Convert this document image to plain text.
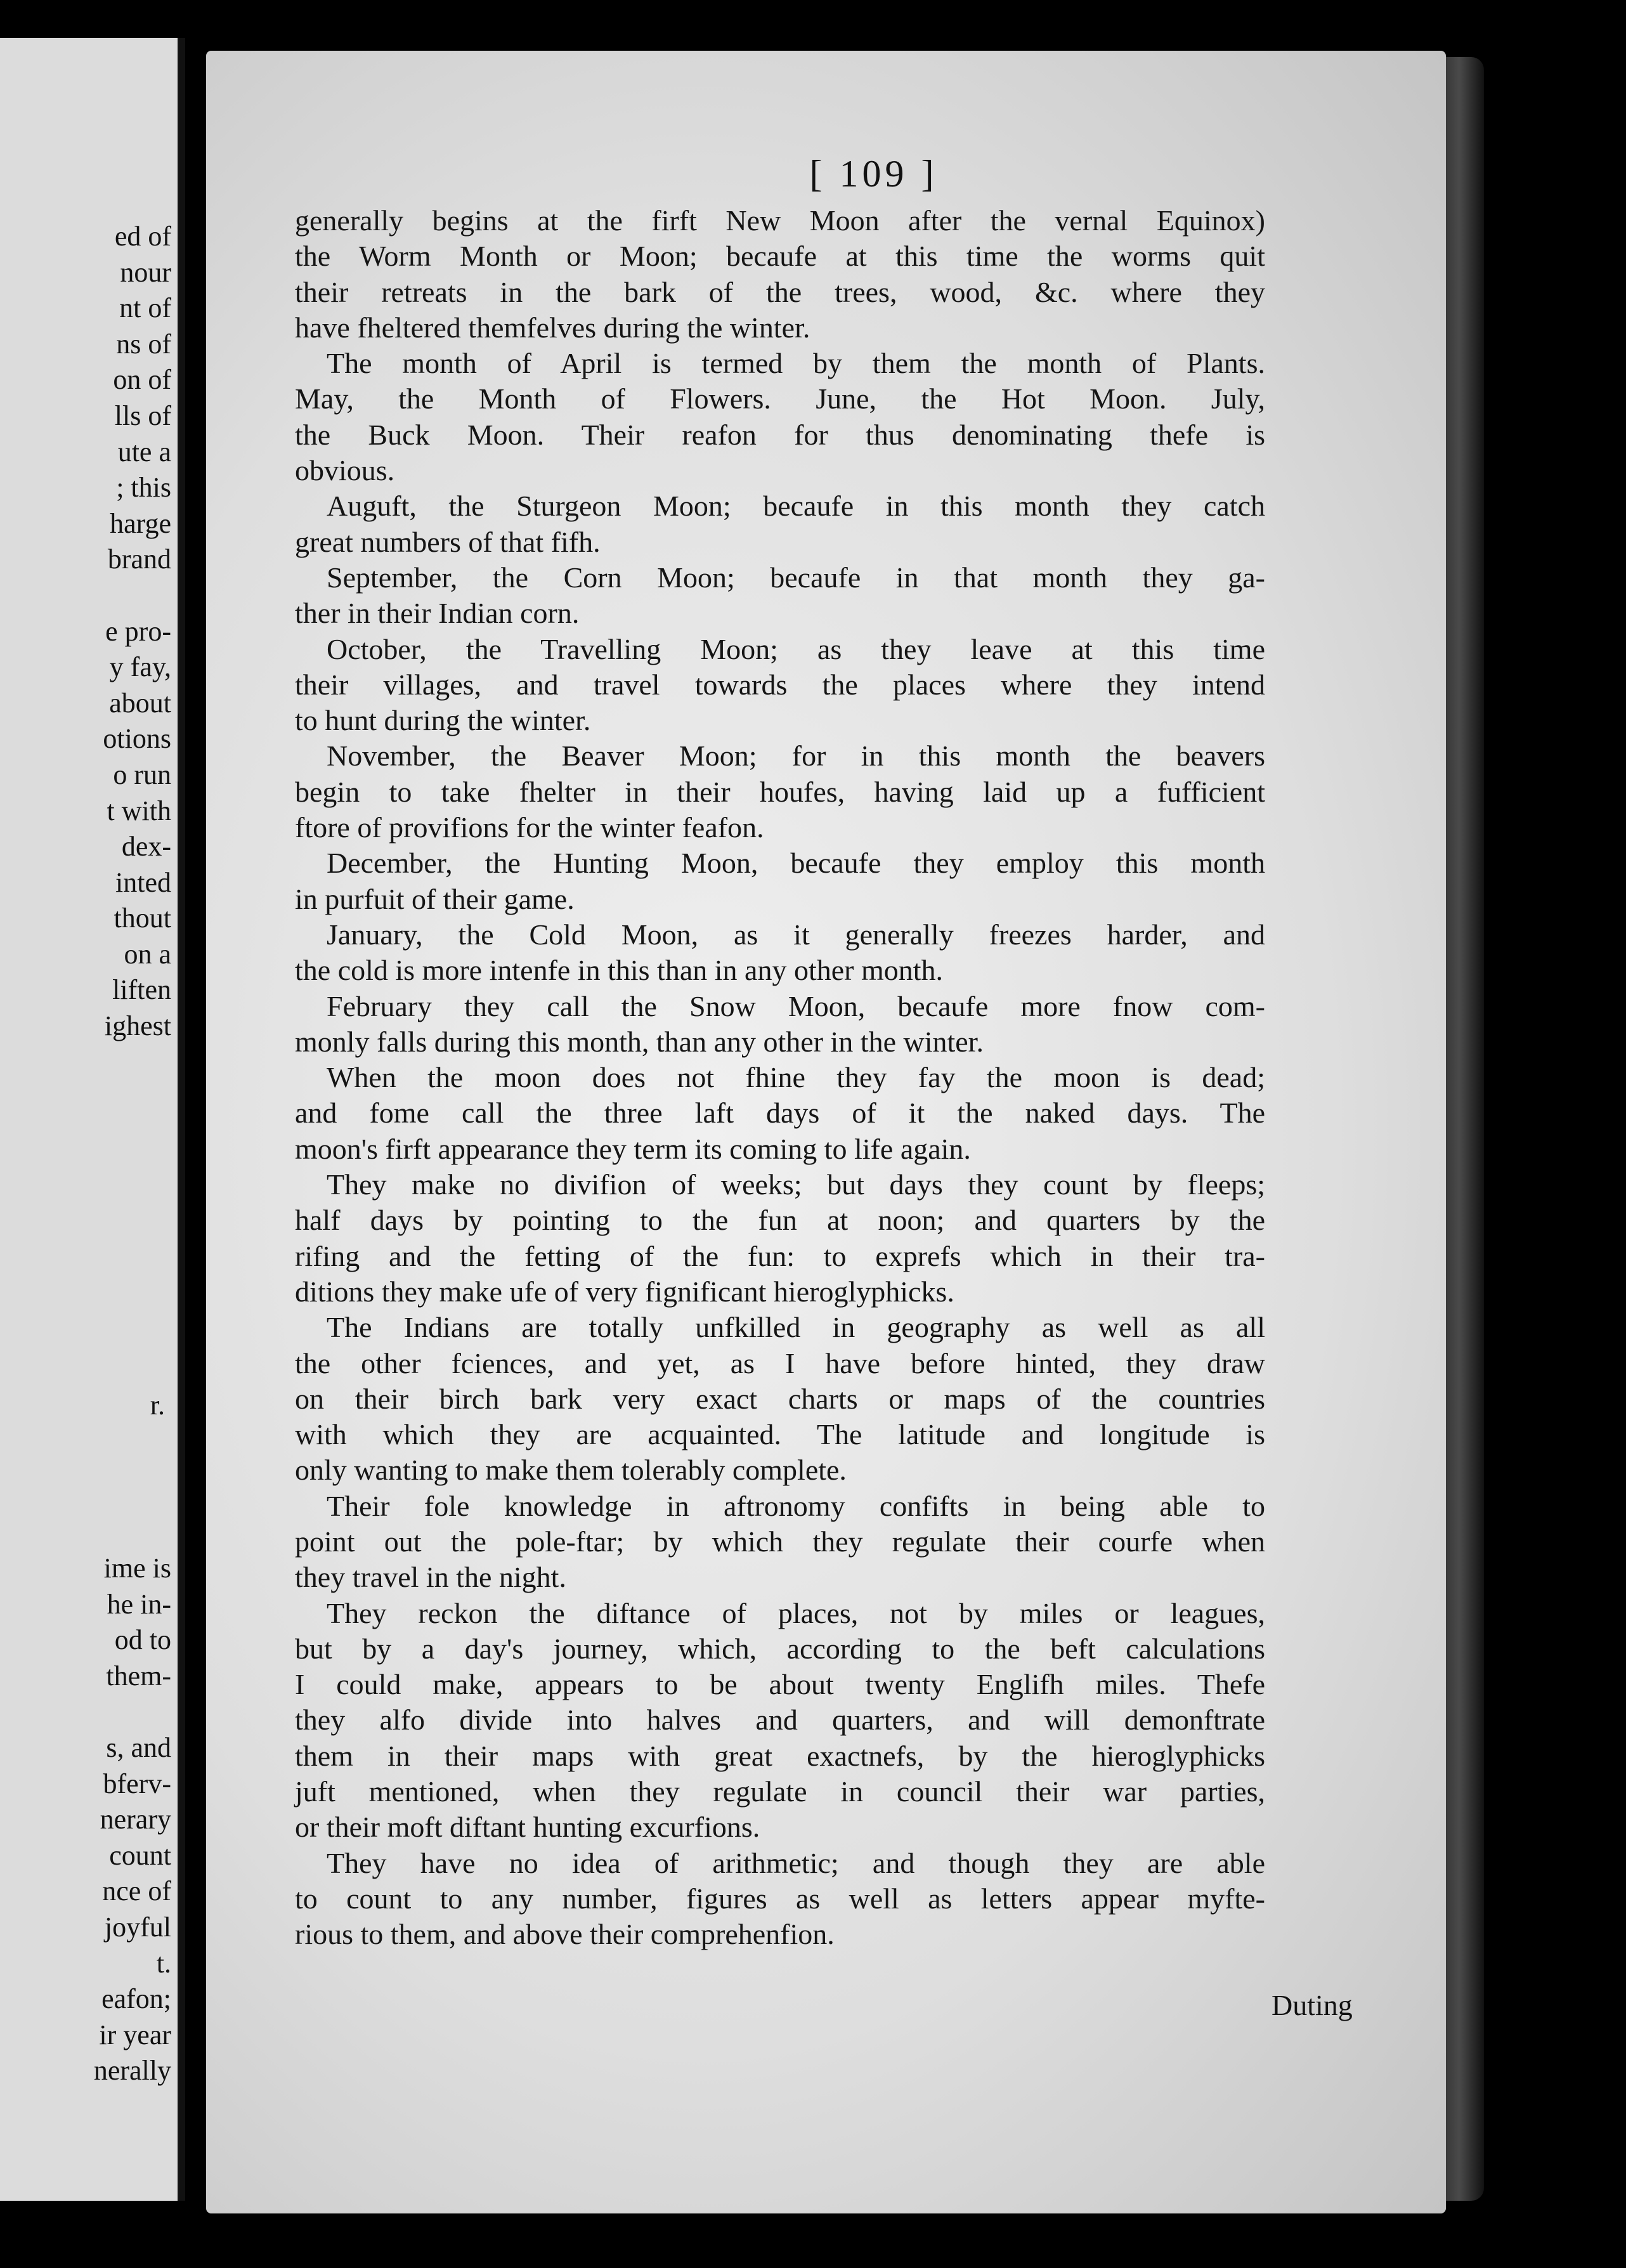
ed of
nour
nt of
ns of
on of
lls of
ute a
; this
harge
brand

e pro-
y fay,
about
otions
o run
t with
dex-
inted
thout
on a
liften
ighest
r.
ime is
he in-
od to
them-

s, and
bferv-
nerary
count
nce of
joyful
t.
eafon;
ir year
nerally
[ 109 ]
generally begins at the firft New Moon after the vernal Equinox)
the Worm Month or Moon; becaufe at this time the worms quit
their retreats in the bark of the trees, wood, &c. where they
have fheltered themfelves during the winter.
The month of April is termed by them the month of Plants.
May, the Month of Flowers. June, the Hot Moon. July,
the Buck Moon. Their reafon for thus denominating thefe is
obvious.
Auguft, the Sturgeon Moon; becaufe in this month they catch
great numbers of that fifh.
September, the Corn Moon; becaufe in that month they ga-
ther in their Indian corn.
October, the Travelling Moon; as they leave at this time
their villages, and travel towards the places where they intend
to hunt during the winter.
November, the Beaver Moon; for in this month the beavers
begin to take fhelter in their houfes, having laid up a fufficient
ftore of provifions for the winter feafon.
December, the Hunting Moon, becaufe they employ this month
in purfuit of their game.
January, the Cold Moon, as it generally freezes harder, and
the cold is more intenfe in this than in any other month.
February they call the Snow Moon, becaufe more fnow com-
monly falls during this month, than any other in the winter.
When the moon does not fhine they fay the moon is dead;
and fome call the three laft days of it the naked days. The
moon's firft appearance they term its coming to life again.
They make no divifion of weeks; but days they count by fleeps;
half days by pointing to the fun at noon; and quarters by the
rifing and the fetting of the fun: to exprefs which in their tra-
ditions they make ufe of very fignificant hieroglyphicks.
The Indians are totally unfkilled in geography as well as all
the other fciences, and yet, as I have before hinted, they draw
on their birch bark very exact charts or maps of the countries
with which they are acquainted. The latitude and longitude is
only wanting to make them tolerably complete.
Their fole knowledge in aftronomy confifts in being able to
point out the pole-ftar; by which they regulate their courfe when
they travel in the night.
They reckon the diftance of places, not by miles or leagues,
but by a day's journey, which, according to the beft calculations
I could make, appears to be about twenty Englifh miles. Thefe
they alfo divide into halves and quarters, and will demonftrate
them in their maps with great exactnefs, by the hieroglyphicks
juft mentioned, when they regulate in council their war parties,
or their moft diftant hunting excurfions.
They have no idea of arithmetic; and though they are able
to count to any number, figures as well as letters appear myfte-
rious to them, and above their comprehenfion.
Duting
